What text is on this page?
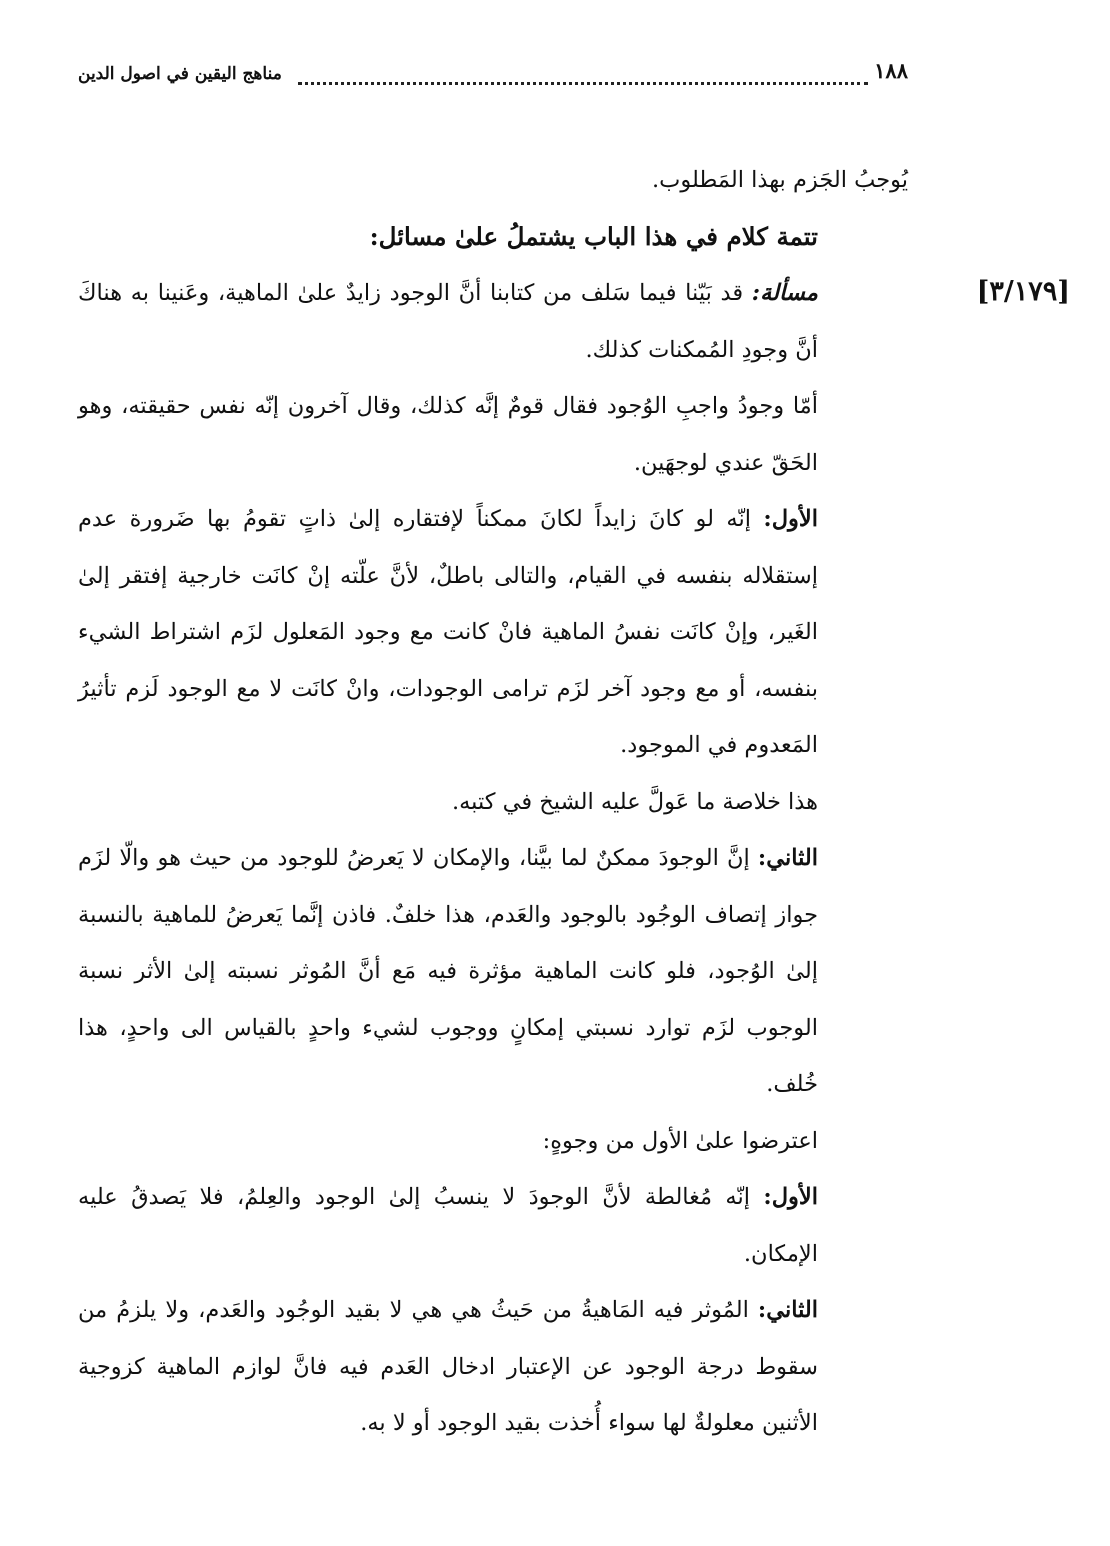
١٨٨
مناهج اليقين في اصول الدين
[٣/١٧٩]

يُوجبُ الجَزم بهذا المَطلوب.

تتمة كلام في هذا الباب يشتملُ علىٰ مسائل:

مسألة: قد بَيّنا فيما سَلف من كتابنا أنَّ الوجود زايدٌ علىٰ الماهية، وعَنينا به هناكَ أنَّ وجودِ المُمكنات كذلك.

أمّا وجودُ واجبِ الوُجود فقال قومٌ إنَّه كذلك، وقال آخرون إنّه نفس حقيقته، وهو الحَقّ عندي لوجهَين.

الأول: إنّه لو كانَ زايداً لكانَ ممكناً لإفتقاره إلىٰ ذاتٍ تقومُ بها ضَرورة عدم إستقلاله بنفسه في القيام، والتالى باطلٌ، لأنَّ علّته إنْ كانَت خارجية إفتقر إلىٰ الغَير، وإنْ كانَت نفسُ الماهية فانْ كانت مع وجود المَعلول لزَم اشتراط الشيء بنفسه، أو مع وجود آخر لزَم ترامى الوجودات، وانْ كانَت لا مع الوجود لَزم تأثيرُ المَعدوم في الموجود.

هذا خلاصة ما عَولَّ عليه الشيخ في كتبه.

الثاني: إنَّ الوجودَ ممكنٌ لما بيَّنا، والإمكان لا يَعرضُ للوجود من حيث هو والّا لزَم جواز إتصاف الوجُود بالوجود والعَدم، هذا خلفٌ. فاذن إنَّما يَعرضُ للماهية بالنسبة إلىٰ الوُجود، فلو كانت الماهية مؤثرة فيه مَع أنَّ المُوثر نسبته إلىٰ الأثر نسبة الوجوب لزَم توارد نسبتي إمكانٍ ووجوب لشيء واحدٍ بالقياس الى واحدٍ، هذا خُلف.

اعترضوا علىٰ الأول من وجوهٍ:

الأول: إنّه مُغالطة لأنَّ الوجودَ لا ينسبُ إلىٰ الوجود والعِلمُ، فلا يَصدقُ عليه الإمكان.

الثاني: المُوثر فيه المَاهيةُ من حَيثُ هي هي لا بقيد الوجُود والعَدم، ولا يلزمُ من سقوط درجة الوجود عن الإعتبار ادخال العَدم فيه فانَّ لوازم الماهية كزوجية الأثنين معلولةٌ لها سواء أُخذت بقيد الوجود أو لا به.
